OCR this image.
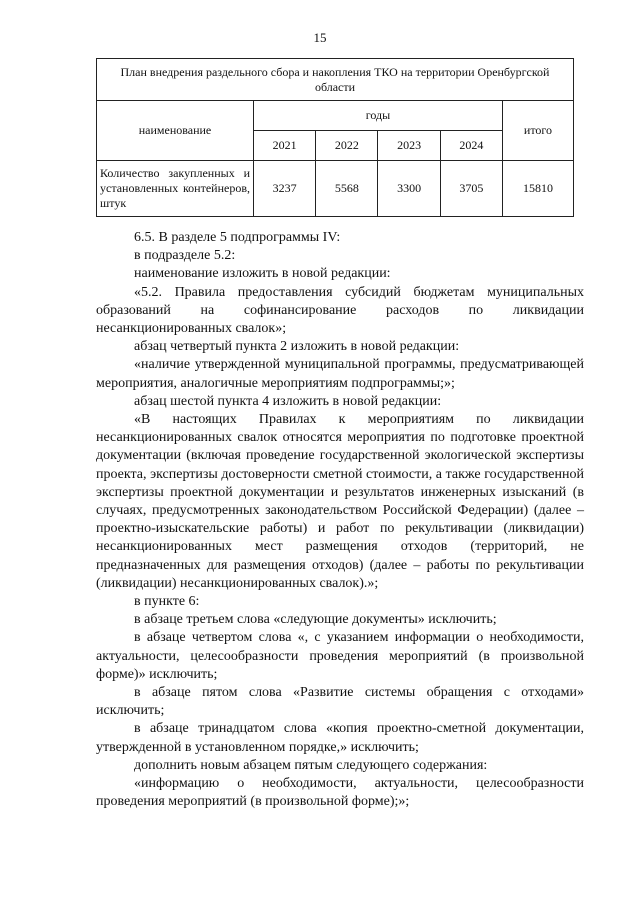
15
План внедрения раздельного сбора и накопления ТКО на территории Оренбургской области					
наименование	годы				итого
	2021	2022	2023	2024	
Количество закупленных и установленных контейнеров, штук	3237	5568	3300	3705	15810

6.5. В разделе 5 подпрограммы IV:

в подразделе 5.2:

наименование изложить в новой редакции:

«5.2. Правила предоставления субсидий бюджетам муниципальных образований на софинансирование расходов по ликвидации несанкционированных свалок»;

абзац четвертый пункта 2 изложить в новой редакции:

«наличие утвержденной муниципальной программы, предусматривающей мероприятия, аналогичные мероприятиям подпрограммы;»;

абзац шестой пункта 4 изложить в новой редакции:

«В настоящих Правилах к мероприятиям по ликвидации несанкционированных свалок относятся мероприятия по подготовке проектной документации (включая проведение государственной экологической экспертизы проекта, экспертизы достоверности сметной стоимости, а также государственной экспертизы проектной документации и результатов инженерных изысканий (в случаях, предусмотренных законодательством Российской Федерации) (далее – проектно-изыскательские работы) и работ по рекультивации (ликвидации) несанкционированных мест размещения отходов (территорий, не предназначенных для размещения отходов) (далее – работы по рекультивации (ликвидации) несанкционированных свалок).»;

в пункте 6:

в абзаце третьем слова «следующие документы» исключить;

в абзаце четвертом слова «, с указанием информации о необходимости, актуальности, целесообразности проведения мероприятий (в произвольной форме)» исключить;

в абзаце пятом слова «Развитие системы обращения с отходами» исключить;

в абзаце тринадцатом слова «копия проектно-сметной документации, утвержденной в установленном порядке,» исключить;

дополнить новым абзацем пятым следующего содержания:

«информацию о необходимости, актуальности, целесообразности проведения мероприятий (в произвольной форме);»;
